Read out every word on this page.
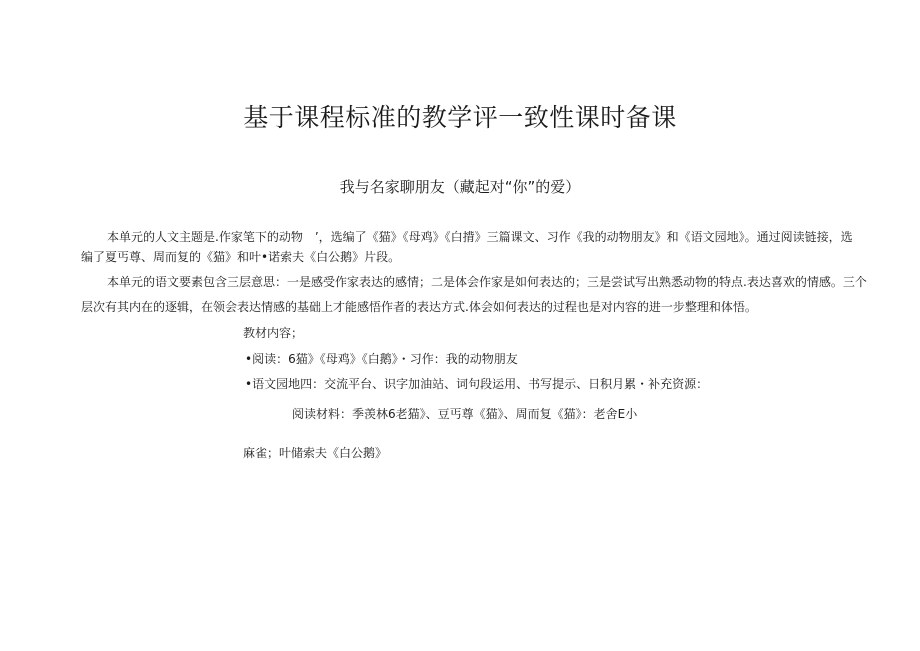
基于课程标准的教学评一致性课时备课
我与名家聊朋友（藏起对“你”的爱）
本单元的人文主题是.作家笔下的动物　’，选编了《猫》《母鸡》《白揹》三篇课文、习作《我的动物朋友》和《语文园地》。通过阅读链接，选
编了夏丐尊、周而复的《猫》和叶•诺索夫《白公鹅》片段。
本单元的语文要素包含三层意思：一是感受作家表达的感情；二是体会作家是如何表达的；三是尝试写出熟悉动物的特点.表达喜欢的情感。三个
层次有其内在的逐辑，在领会表达情感的基础上才能感悟作者的表达方式.体会如何表达的过程也是对内容的进一步整理和体悟。
教材内容；
•阅读：6猫》《母鸡》《白鹅》・习作：我的动物朋友
•语文园地四：交流平台、识字加油站、词句段运用、书写提示、日积月累・补充资源：
阅读材料：季羡林6老猫》、豆丐尊《猫》、周而复《猫》：老舍E小
麻雀；叶储索夫《白公鹅》
